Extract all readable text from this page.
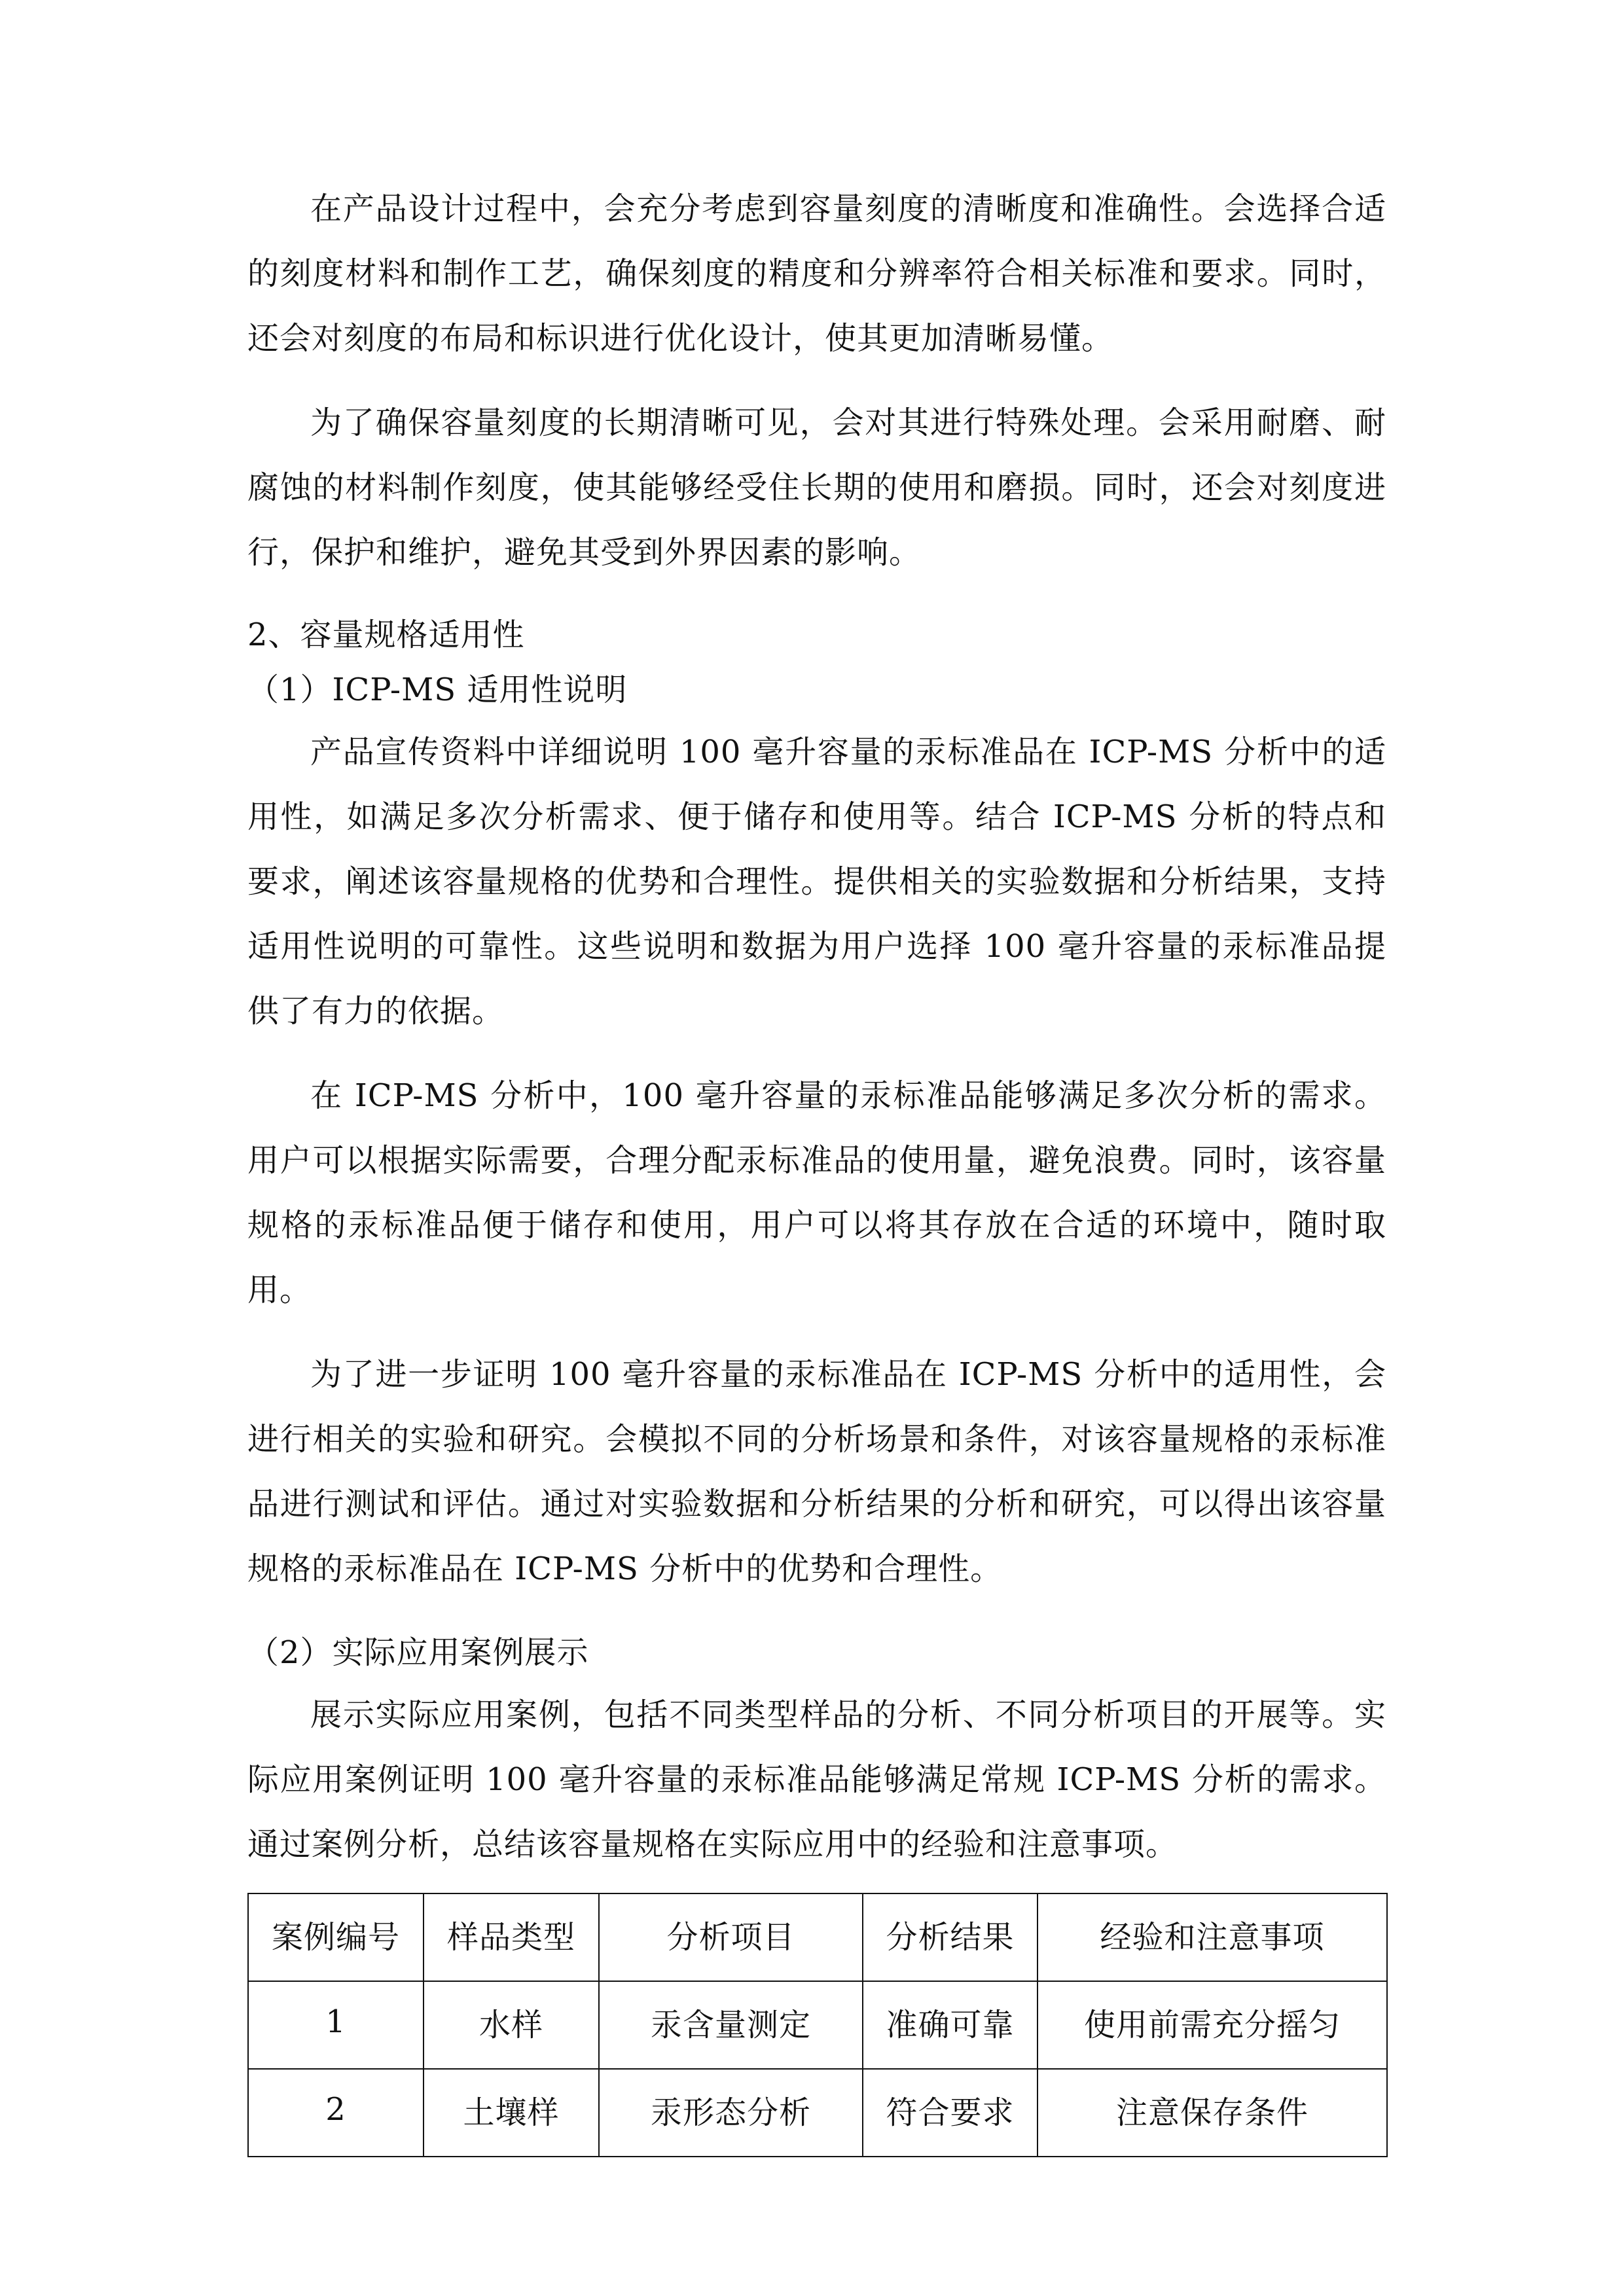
在产品设计过程中，会充分考虑到容量刻度的清晰度和准确性。会选择合适的刻度材料和制作工艺，确保刻度的精度和分辨率符合相关标准和要求。同时，还会对刻度的布局和标识进行优化设计，使其更加清晰易懂。

为了确保容量刻度的长期清晰可见，会对其进行特殊处理。会采用耐磨、耐腐蚀的材料制作刻度，使其能够经受住长期的使用和磨损。同时，还会对刻度进行，保护和维护，避免其受到外界因素的影响。

2、容量规格适用性

（1）ICP-MS 适用性说明

产品宣传资料中详细说明 100 毫升容量的汞标准品在 ICP-MS 分析中的适用性，如满足多次分析需求、便于储存和使用等。结合 ICP-MS 分析的特点和要求，阐述该容量规格的优势和合理性。提供相关的实验数据和分析结果，支持适用性说明的可靠性。这些说明和数据为用户选择 100 毫升容量的汞标准品提供了有力的依据。

在 ICP-MS 分析中，100 毫升容量的汞标准品能够满足多次分析的需求。用户可以根据实际需要，合理分配汞标准品的使用量，避免浪费。同时，该容量规格的汞标准品便于储存和使用，用户可以将其存放在合适的环境中，随时取用。

为了进一步证明 100 毫升容量的汞标准品在 ICP-MS 分析中的适用性，会进行相关的实验和研究。会模拟不同的分析场景和条件，对该容量规格的汞标准品进行测试和评估。通过对实验数据和分析结果的分析和研究，可以得出该容量规格的汞标准品在 ICP-MS 分析中的优势和合理性。

（2）实际应用案例展示

展示实际应用案例，包括不同类型样品的分析、不同分析项目的开展等。实际应用案例证明 100 毫升容量的汞标准品能够满足常规 ICP-MS 分析的需求。通过案例分析，总结该容量规格在实际应用中的经验和注意事项。

案例编号	样品类型	分析项目	分析结果	经验和注意事项
1	水样	汞含量测定	准确可靠	使用前需充分摇匀
2	土壤样	汞形态分析	符合要求	注意保存条件
